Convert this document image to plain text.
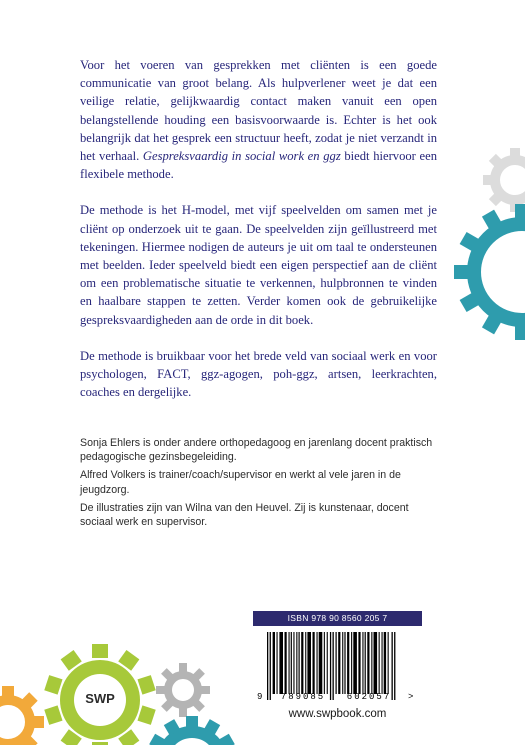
SWP

Voor het voeren van gesprekken met cliënten is een goede communicatie van groot belang. Als hulpverlener weet je dat een veilige relatie, gelijkwaardig contact maken vanuit een open belangstellende houding een basisvoorwaarde is. Echter is het ook belangrijk dat het gesprek een structuur heeft, zodat je niet verzandt in het verhaal. Gespreksvaardig in social work en ggz biedt hiervoor een flexibele methode.

De methode is het H-model, met vijf speelvelden om samen met je cliënt op onderzoek uit te gaan. De speelvelden zijn geïllustreerd met tekeningen. Hiermee nodigen de auteurs je uit om taal te ondersteunen met beelden. Ieder speelveld biedt een eigen perspectief aan de cliënt om een problematische situatie te verkennen, hulpbronnen te vinden en haalbare stappen te zetten. Verder komen ook de gebruikelijke gespreksvaardigheden aan de orde in dit boek.

De methode is bruikbaar voor het brede veld van sociaal werk en voor psychologen, FACT, ggz-agogen, poh-ggz, artsen, leerkrachten, coaches en dergelijke.

Sonja Ehlers is onder andere orthopedagoog en jarenlang docent praktisch pedagogische gezinsbegeleiding.

Alfred Volkers is trainer/coach/supervisor en werkt al vele jaren in de jeugdzorg.

De illustraties zijn van Wilna van den Heuvel. Zij is kunstenaar, docent sociaal werk en supervisor.

ISBN 978 90 8560 205 7
9	789085	602057	>
www.swpbook.com
